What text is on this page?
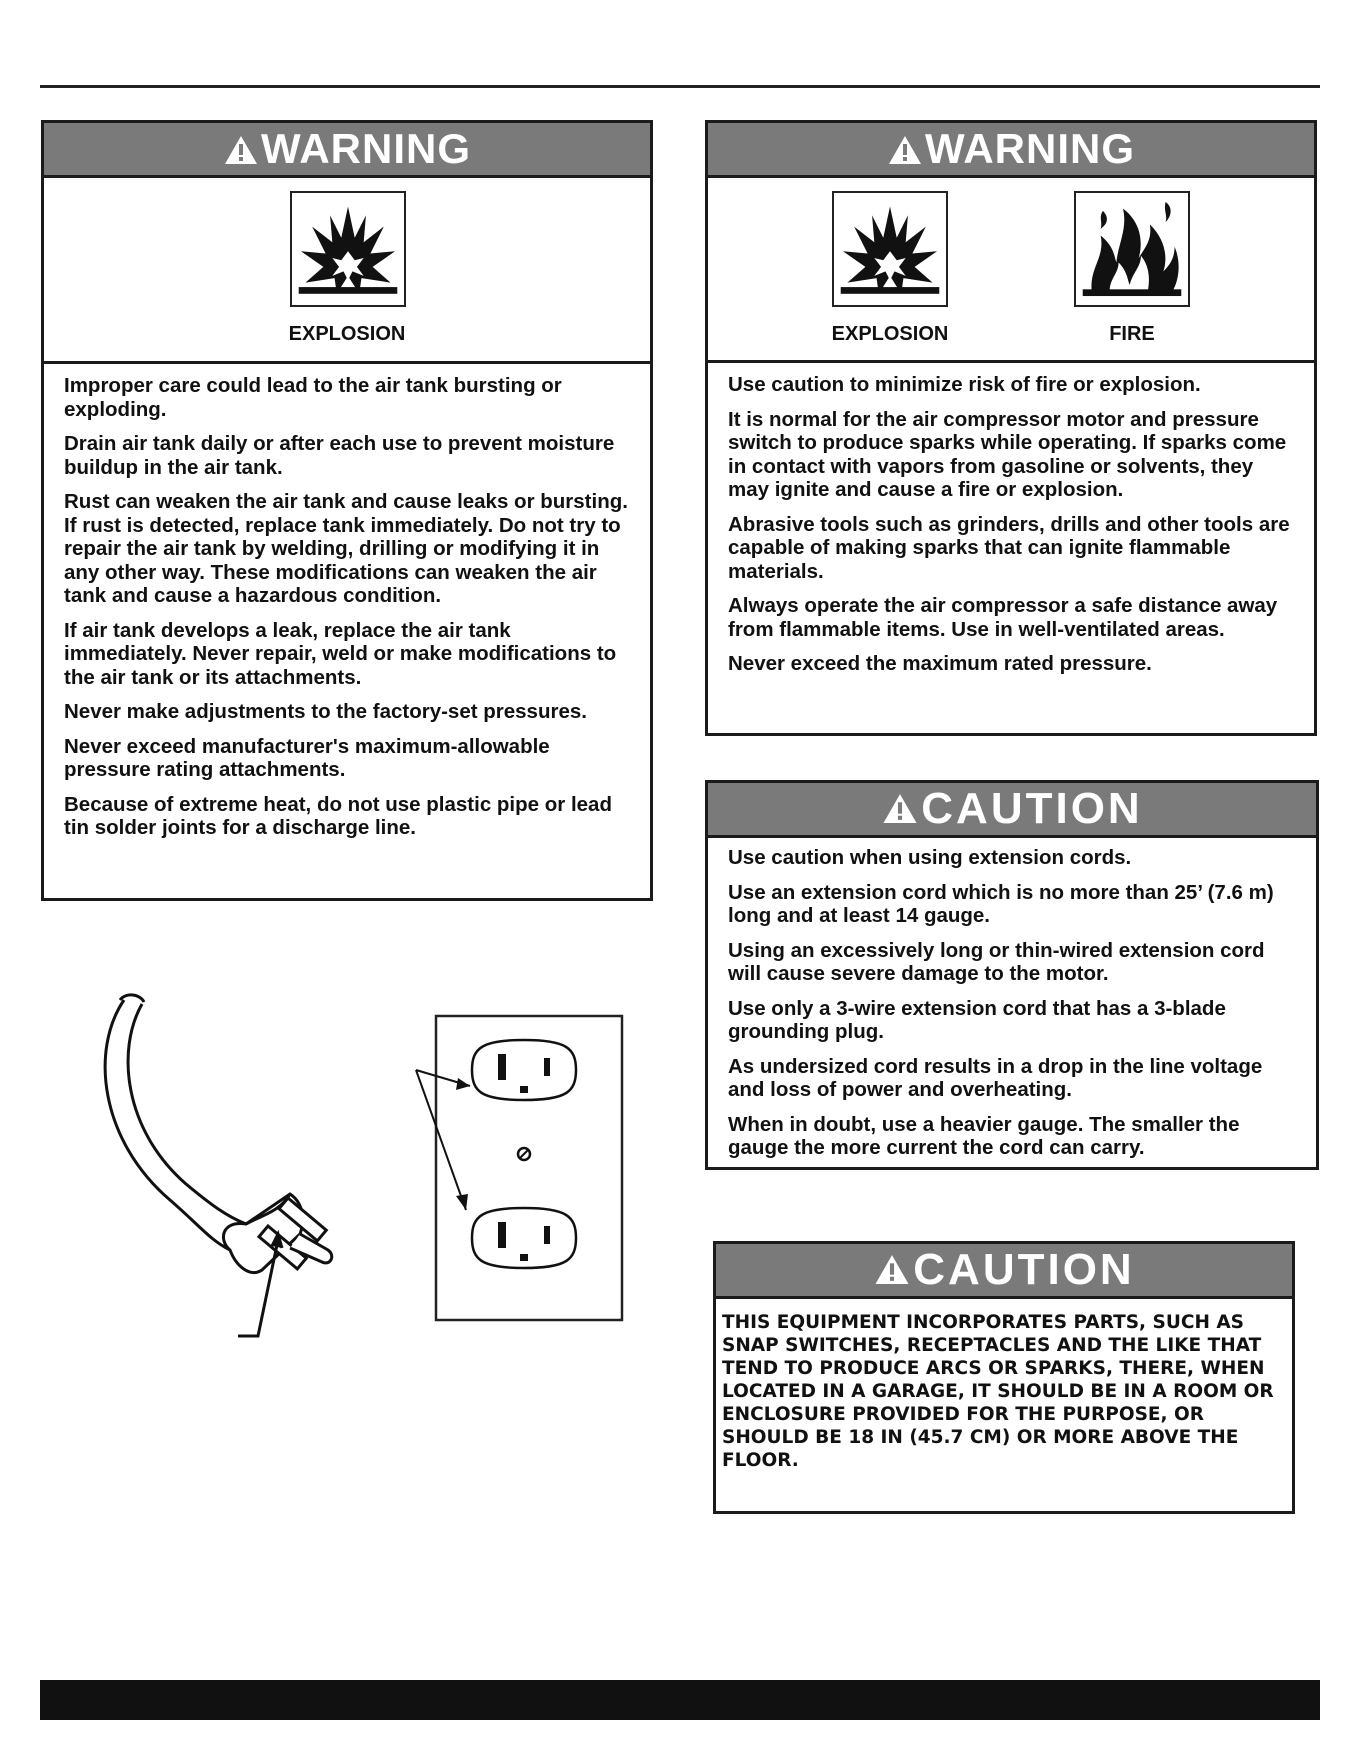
WARNING
EXPLOSION

Improper care could lead to the air tank bursting or exploding.

Drain air tank daily or after each use to prevent moisture buildup in the air tank.

Rust can weaken the air tank and cause leaks or bursting. If rust is detected, replace tank immediately. Do not try to repair the air tank by welding, drilling or modifying it in any other way. These modifications can weaken the air tank and cause a hazardous condition.

If air tank develops a leak, replace the air tank immediately. Never repair, weld or make modifications to the air tank or its attachments.

Never make adjustments to the factory-set pressures.

Never exceed manufacturer's maximum-allowable pressure rating attachments.

Because of extreme heat, do not use plastic pipe or lead tin solder joints for a discharge line.

WARNING
EXPLOSION	FIRE

Use caution to minimize risk of fire or explosion.

It is normal for the air compressor motor and pressure switch to produce sparks while operating. If sparks come in contact with vapors from gasoline or solvents, they may ignite and cause a fire or explosion.

Abrasive tools such as grinders, drills and other tools are capable of making sparks that can ignite flammable materials.

Always operate the air compressor a safe distance away from flammable items. Use in well-ventilated areas.

Never exceed the maximum rated pressure.

CAUTION

Use caution when using extension cords.

Use an extension cord which is no more than 25’ (7.6 m) long and at least 14 gauge.

Using an excessively long or thin-wired extension cord will cause severe damage to the motor.

Use only a 3-wire extension cord that has a 3-blade grounding plug.

As undersized cord results in a drop in the line voltage and loss of power and overheating.

When in doubt, use a heavier gauge. The smaller the gauge the more current the cord can carry.

CAUTION
THIS EQUIPMENT INCORPORATES PARTS, SUCH AS SNAP SWITCHES, RECEPTACLES AND THE LIKE THAT TEND TO PRODUCE ARCS OR SPARKS, THERE, WHEN LOCATED IN A GARAGE, IT SHOULD BE IN A ROOM OR ENCLOSURE PROVIDED FOR THE PURPOSE, OR SHOULD BE 18 IN (45.7 CM) OR MORE ABOVE THE FLOOR.
